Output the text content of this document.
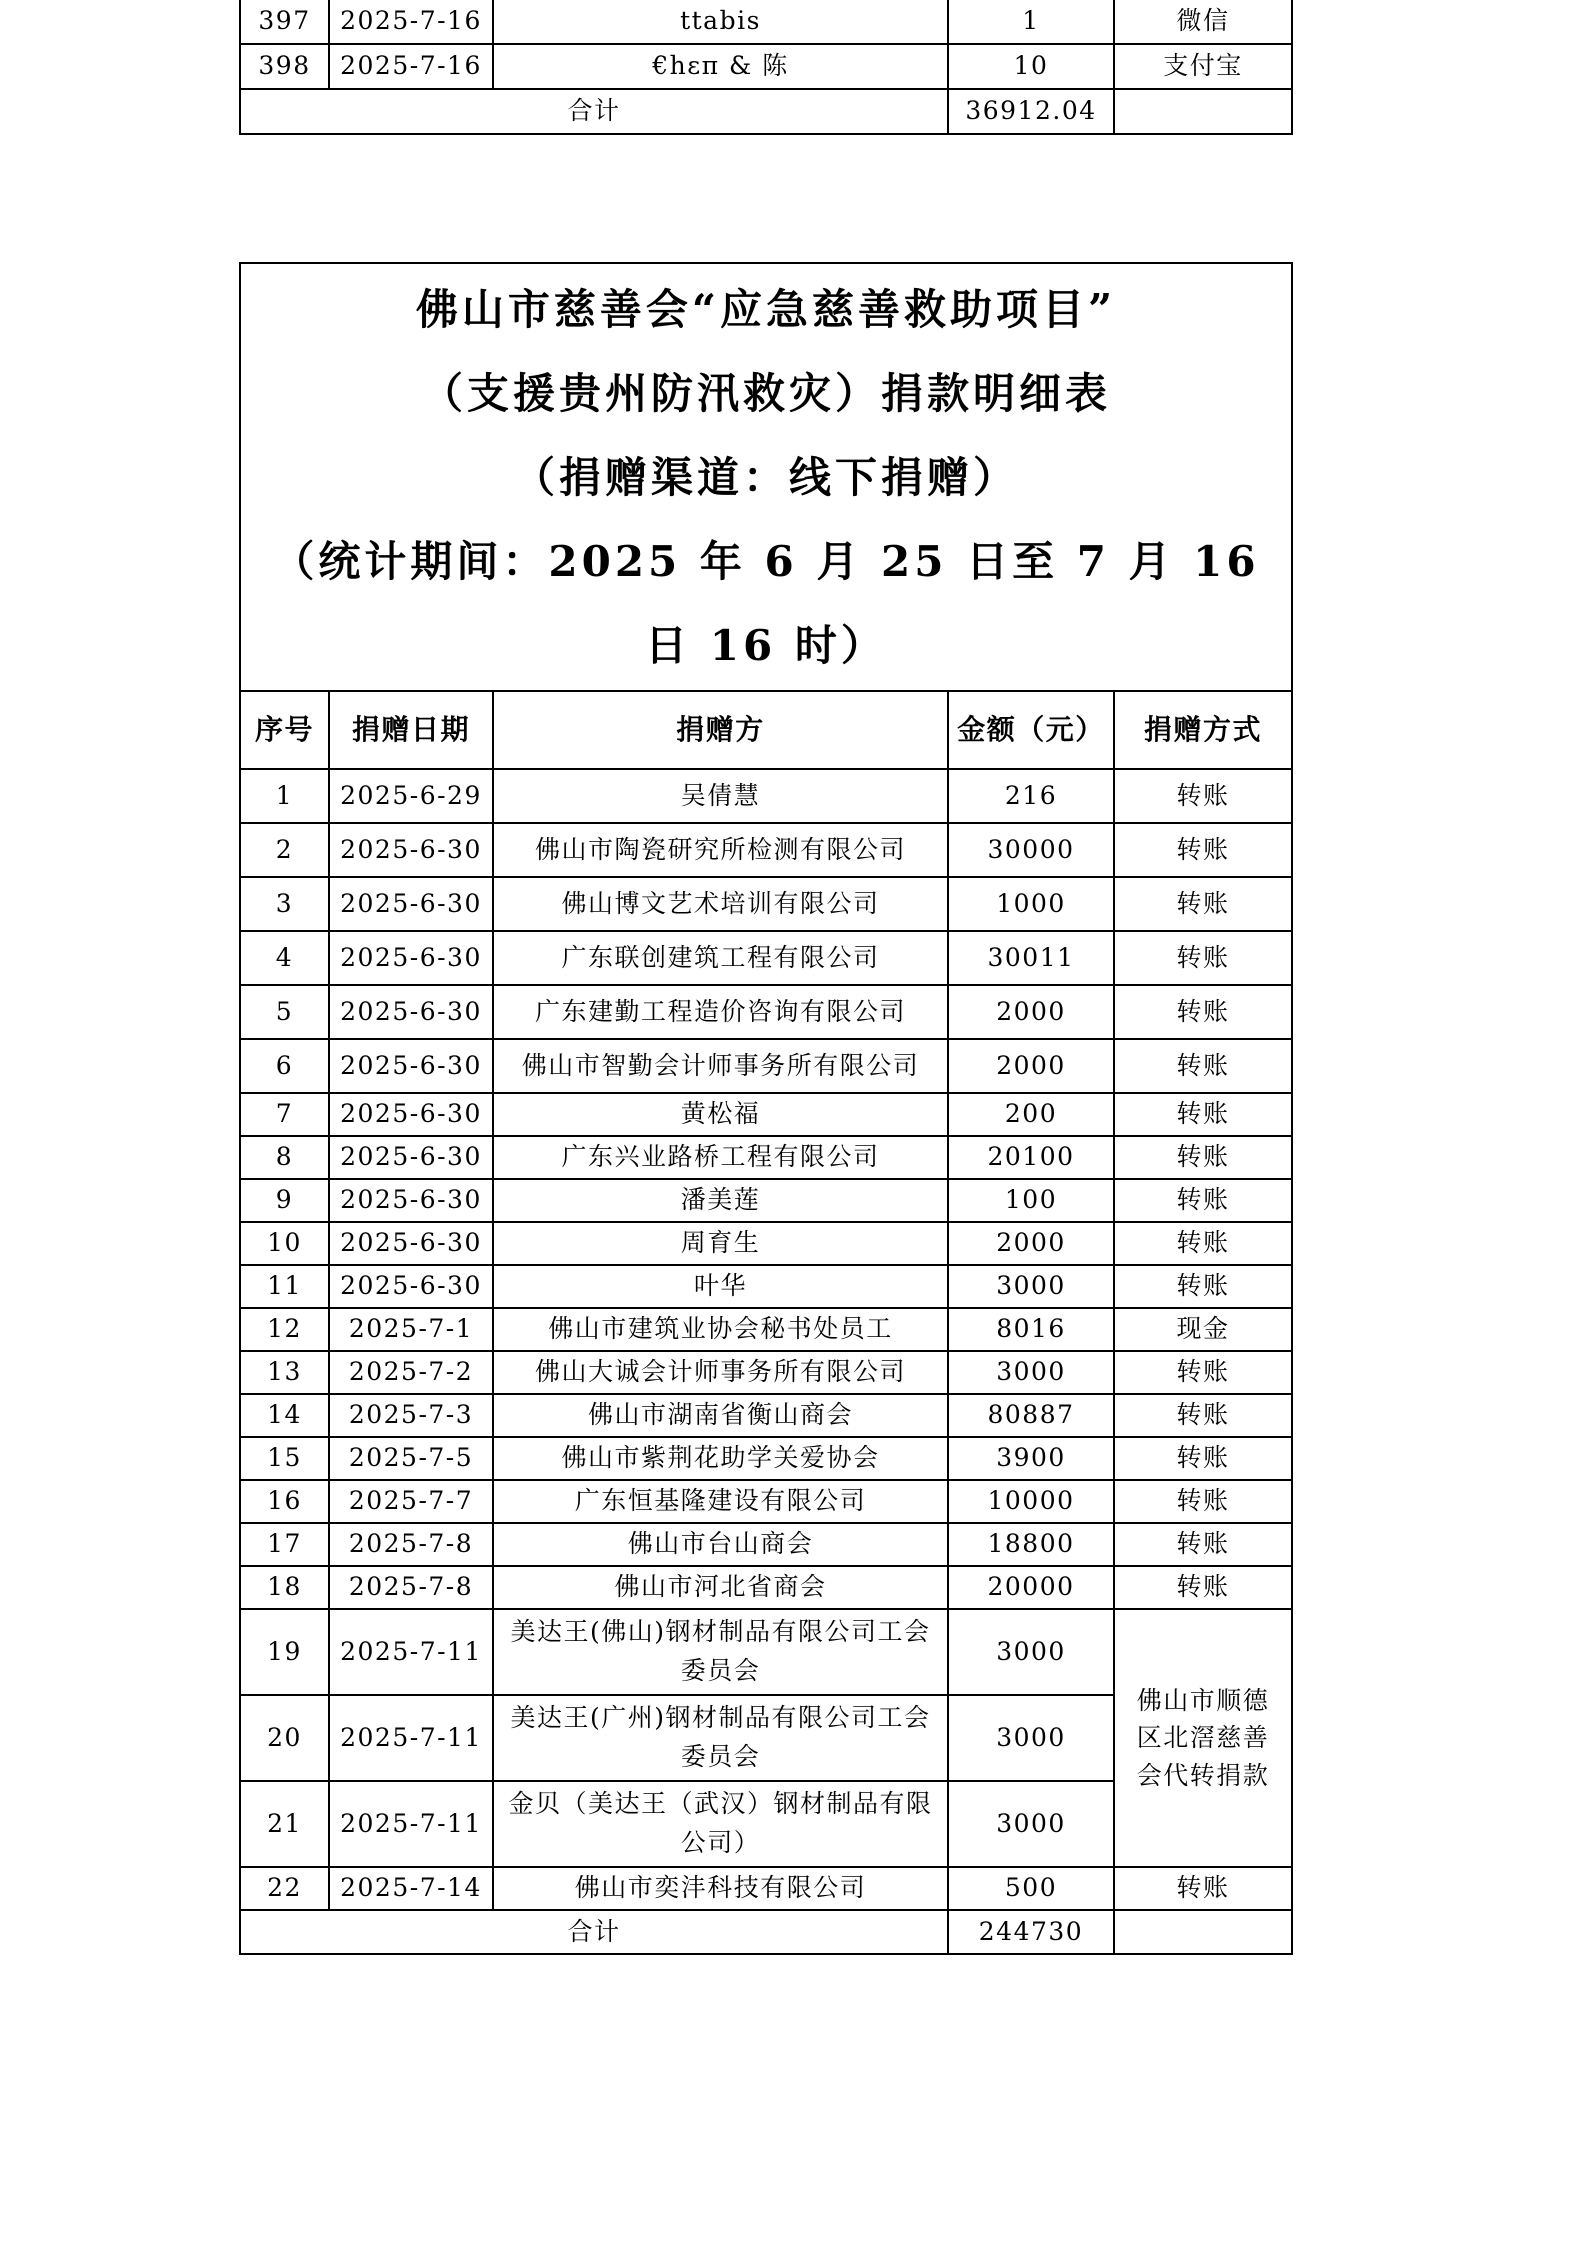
397	2025-7-16	ttabis	1	微信
398	2025-7-16	€hεπ & 陈	10	支付宝
合计			36912.04	
佛山市慈善会“应急慈善救助项目”
（支援贵州防汛救灾）捐款明细表
（捐赠渠道：线下捐赠）
（统计期间：2025 年 6 月 25 日至 7 月 16 日 16 时）				

序号	捐赠日期	捐赠方	金额（元）	捐赠方式
1	2025-6-29	吴倩慧	216	转账
2	2025-6-30	佛山市陶瓷研究所检测有限公司	30000	转账
3	2025-6-30	佛山博文艺术培训有限公司	1000	转账
4	2025-6-30	广东联创建筑工程有限公司	30011	转账
5	2025-6-30	广东建勤工程造价咨询有限公司	2000	转账
6	2025-6-30	佛山市智勤会计师事务所有限公司	2000	转账
7	2025-6-30	黄松福	200	转账
8	2025-6-30	广东兴业路桥工程有限公司	20100	转账
9	2025-6-30	潘美莲	100	转账
10	2025-6-30	周育生	2000	转账
11	2025-6-30	叶华	3000	转账
12	2025-7-1	佛山市建筑业协会秘书处员工	8016	现金
13	2025-7-2	佛山大诚会计师事务所有限公司	3000	转账
14	2025-7-3	佛山市湖南省衡山商会	80887	转账
15	2025-7-5	佛山市紫荆花助学关爱协会	3900	转账
16	2025-7-7	广东恒基隆建设有限公司	10000	转账
17	2025-7-8	佛山市台山商会	18800	转账
18	2025-7-8	佛山市河北省商会	20000	转账
19	2025-7-11	美达王(佛山)钢材制品有限公司工会委员会	3000	佛山市顺德区北滘慈善会代转捐款
20	2025-7-11	美达王(广州)钢材制品有限公司工会委员会	3000	
21	2025-7-11	金贝（美达王（武汉）钢材制品有限公司）	3000	
22	2025-7-14	佛山市奕沣科技有限公司	500	转账
合计			244730	
